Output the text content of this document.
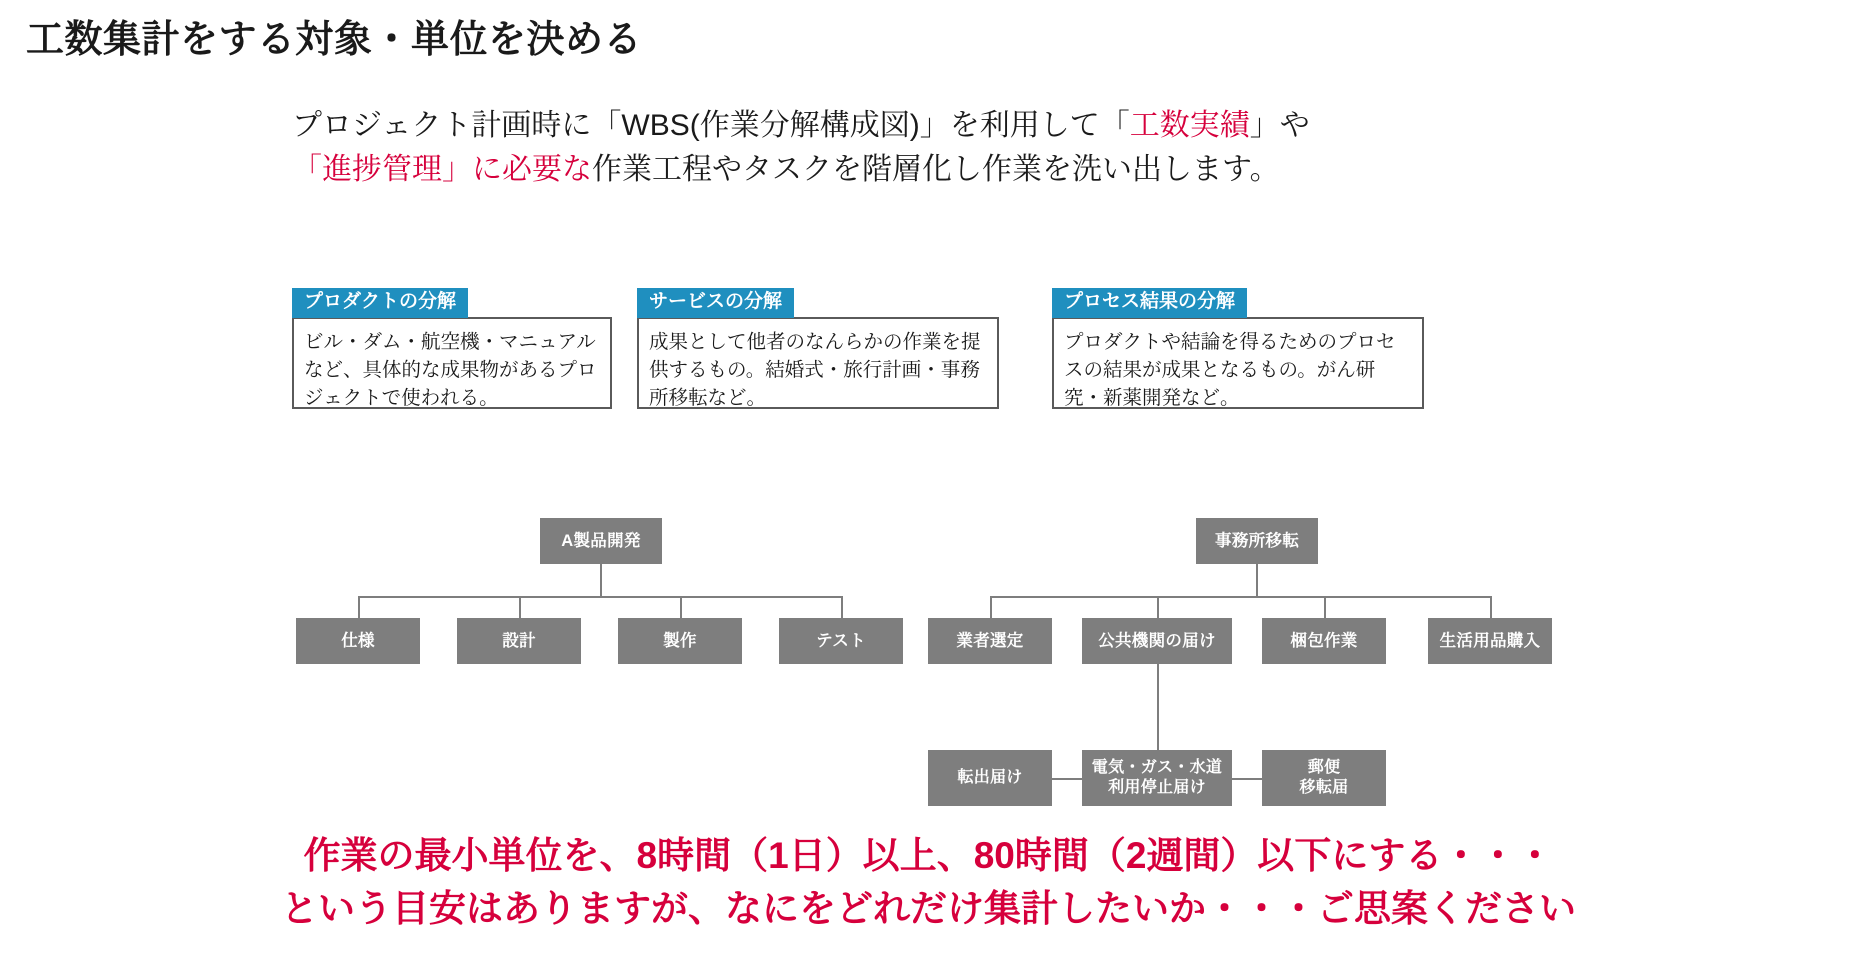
工数集計をする対象・単位を決める
プロジェクト計画時に「WBS(作業分解構成図)」を利用して「工数実績」や
「進捗管理」に必要な作業工程やタスクを階層化し作業を洗い出します。
プロダクトの分解
ビル・ダム・航空機・マニュアルなど、具体的な成果物があるプロジェクトで使われる。
サービスの分解
成果として他者のなんらかの作業を提供するもの。結婚式・旅行計画・事務所移転など。
プロセス結果の分解
プロダクトや結論を得るためのプロセスの結果が成果となるもの。がん研究・新薬開発など。
A製品開発
仕様	設計	製作	テスト
事務所移転
業者選定	公共機関の届け	梱包作業	生活用品購入
転出届け
電気・ガス・水道
利用停止届け
郵便
移転届
作業の最小単位を、8時間（1日）以上、80時間（2週間）以下にする・・・
という目安はありますが、なにをどれだけ集計したいか・・・ご思案ください
